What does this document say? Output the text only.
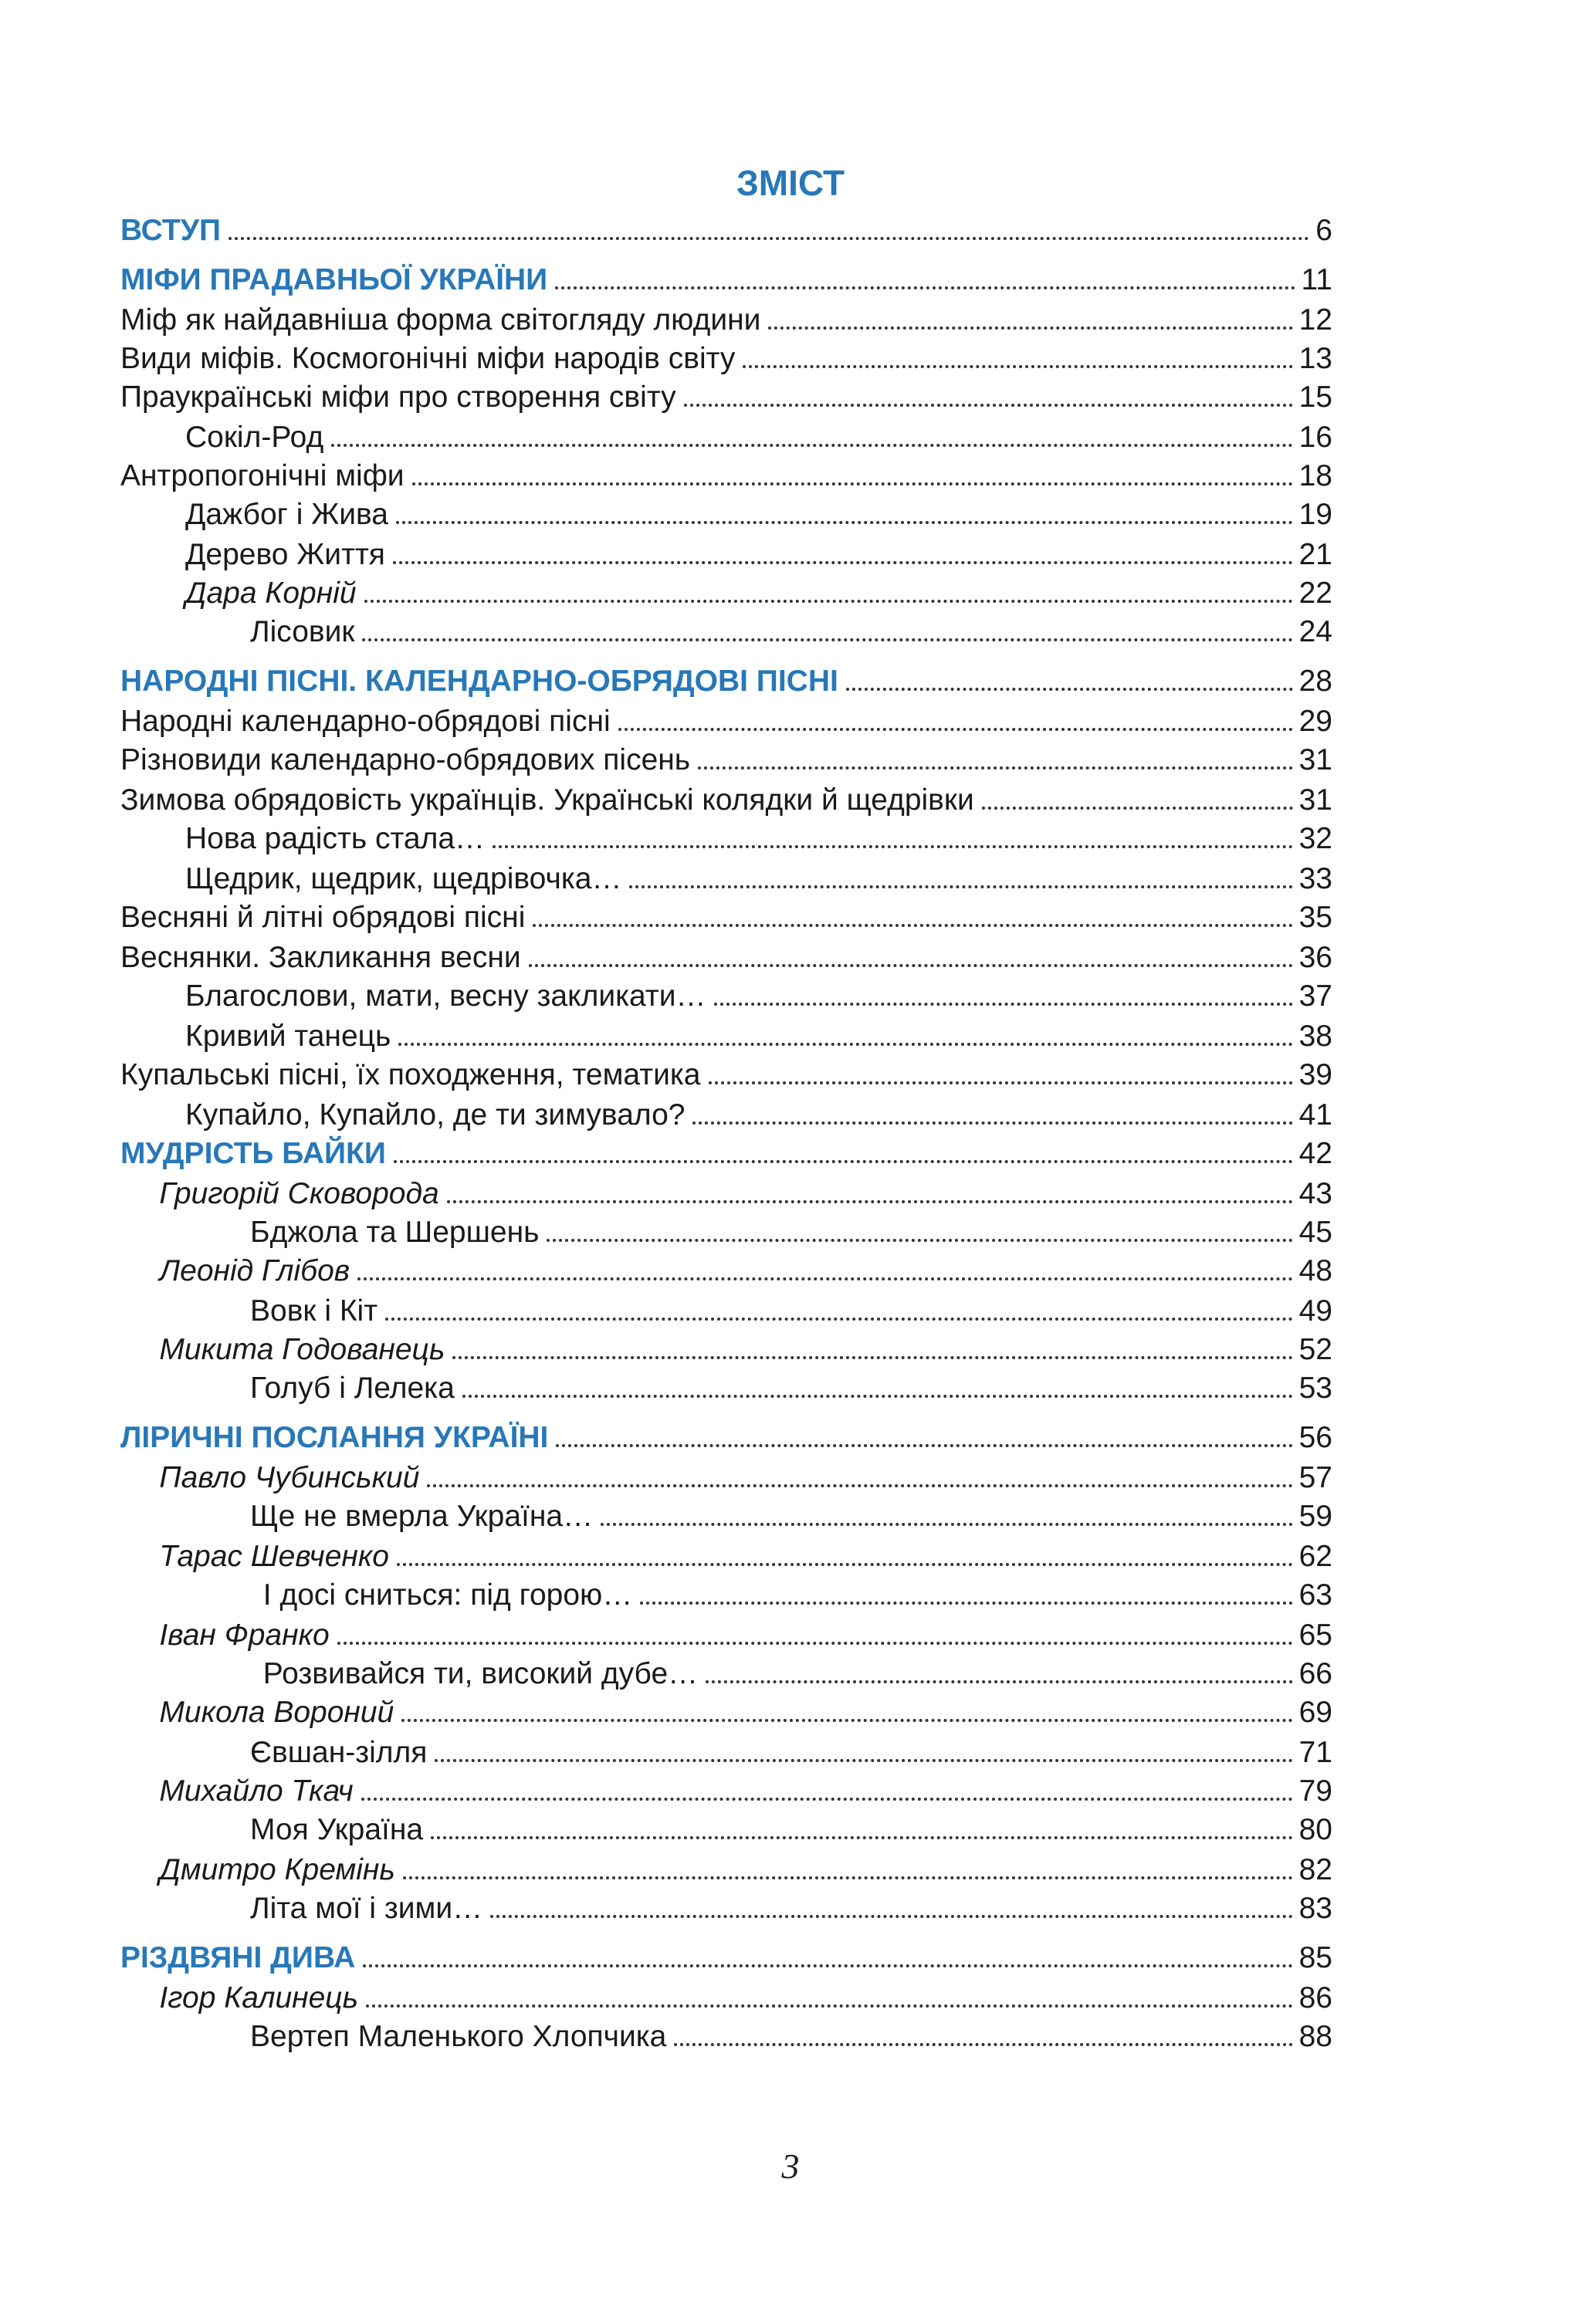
ЗМІСТ
ВСТУП	6
МІФИ ПРАДАВНЬОЇ УКРАЇНИ	11
Міф як найдавніша форма світогляду людини	12
Види міфів. Космогонічні міфи народів світу	13
Праукраїнські міфи про створення світу	15
Сокіл-Род	16
Антропогонічні міфи	18
Дажбог і Жива	19
Дерево Життя	21
Дара Корній	22
Лісовик	24
НАРОДНІ ПІСНІ. КАЛЕНДАРНО-ОБРЯДОВІ ПІСНІ	28
Народні календарно-обрядові пісні	29
Різновиди календарно-обрядових пісень	31
Зимова обрядовість українців. Українські колядки й щедрівки	31
Нова радість стала…	32
Щедрик, щедрик, щедрівочка…	33
Весняні й літні обрядові пісні	35
Веснянки. Закликання весни	36
Благослови, мати, весну закликати…	37
Кривий танець	38
Купальські пісні, їх походження, тематика	39
Купайло, Купайло, де ти зимувало?	41
МУДРІСТЬ БАЙКИ	42
Григорій Сковорода	43
Бджола та Шершень	45
Леонід Глібов	48
Вовк і Кіт	49
Микита Годованець	52
Голуб і Лелека	53
ЛІРИЧНІ ПОСЛАННЯ УКРАЇНІ	56
Павло Чубинський	57
Ще не вмерла Україна…	59
Тарас Шевченко	62
І досі сниться: під горою…	63
Іван Франко	65
Розвивайся ти, високий дубе…	66
Микола Вороний	69
Євшан-зілля	71
Михайло Ткач	79
Моя Україна	80
Дмитро Кремінь	82
Літа мої і зими…	83
РІЗДВЯНІ ДИВА	85
Ігор Калинець	86
Вертеп Маленького Хлопчика	88
3
